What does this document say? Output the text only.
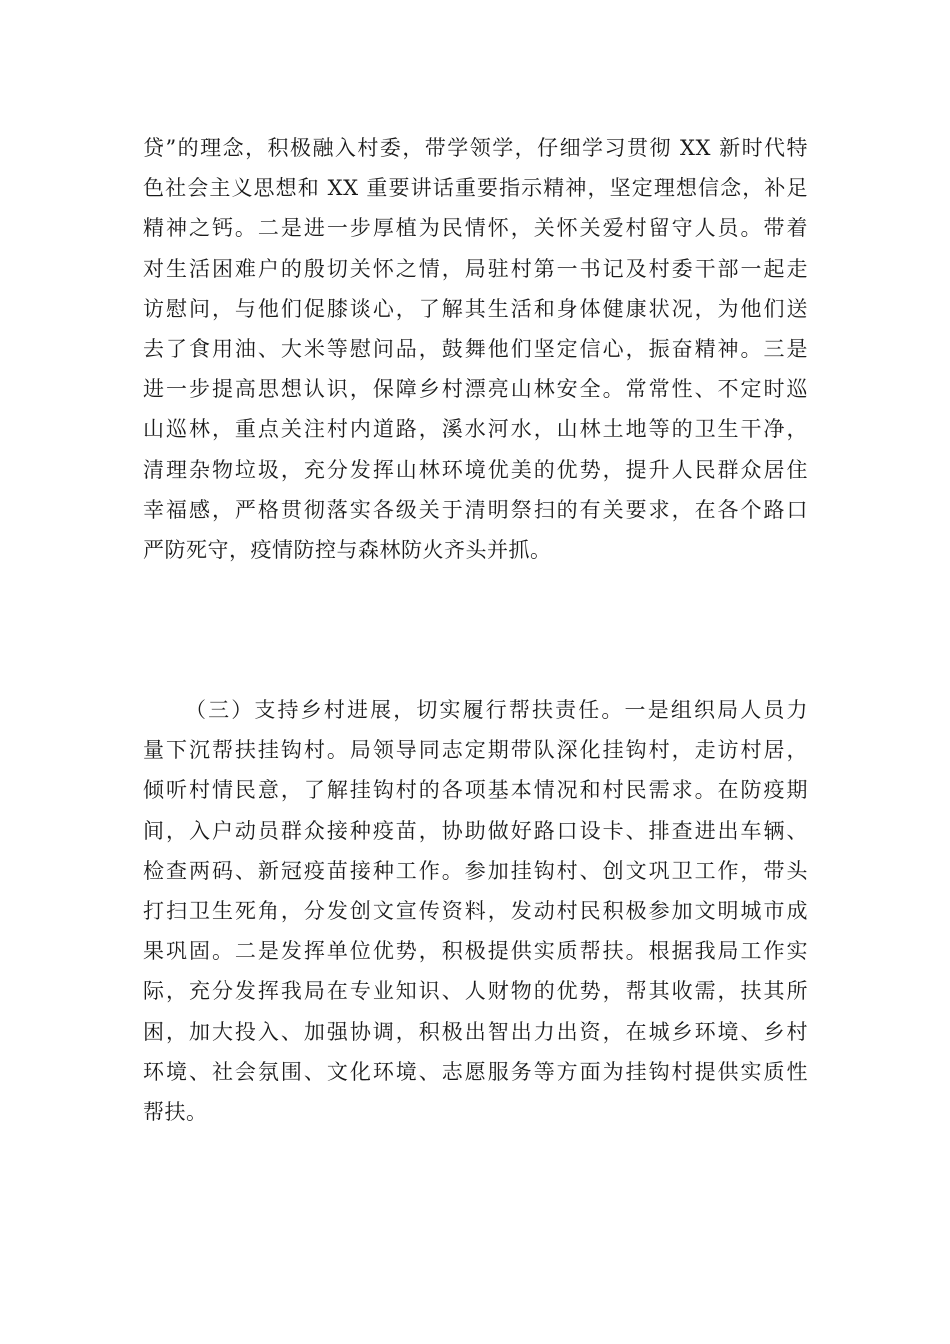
贷”的理念，积极融入村委，带学领学，仔细学习贯彻 XX 新时代特
色社会主义思想和 XX 重要讲话重要指示精神，坚定理想信念，补足
精神之钙。二是进一步厚植为民情怀，关怀关爱村留守人员。带着
对生活困难户的殷切关怀之情，局驻村第一书记及村委干部一起走
访慰问，与他们促膝谈心，了解其生活和身体健康状况，为他们送
去了食用油、大米等慰问品，鼓舞他们坚定信心，振奋精神。三是
进一步提高思想认识，保障乡村漂亮山林安全。常常性、不定时巡
山巡林，重点关注村内道路，溪水河水，山林土地等的卫生干净，
清理杂物垃圾，充分发挥山林环境优美的优势，提升人民群众居住
幸福感，严格贯彻落实各级关于清明祭扫的有关要求，在各个路口
严防死守，疫情防控与森林防火齐头并抓。
（三）支持乡村进展，切实履行帮扶责任。一是组织局人员力
量下沉帮扶挂钩村。局领导同志定期带队深化挂钩村，走访村居，
倾听村情民意，了解挂钩村的各项基本情况和村民需求。在防疫期
间，入户动员群众接种疫苗，协助做好路口设卡、排查进出车辆、
检查两码、新冠疫苗接种工作。参加挂钩村、创文巩卫工作，带头
打扫卫生死角，分发创文宣传资料，发动村民积极参加文明城市成
果巩固。二是发挥单位优势，积极提供实质帮扶。根据我局工作实
际，充分发挥我局在专业知识、人财物的优势，帮其收需，扶其所
困，加大投入、加强协调，积极出智出力出资，在城乡环境、乡村
环境、社会氛围、文化环境、志愿服务等方面为挂钩村提供实质性
帮扶。
